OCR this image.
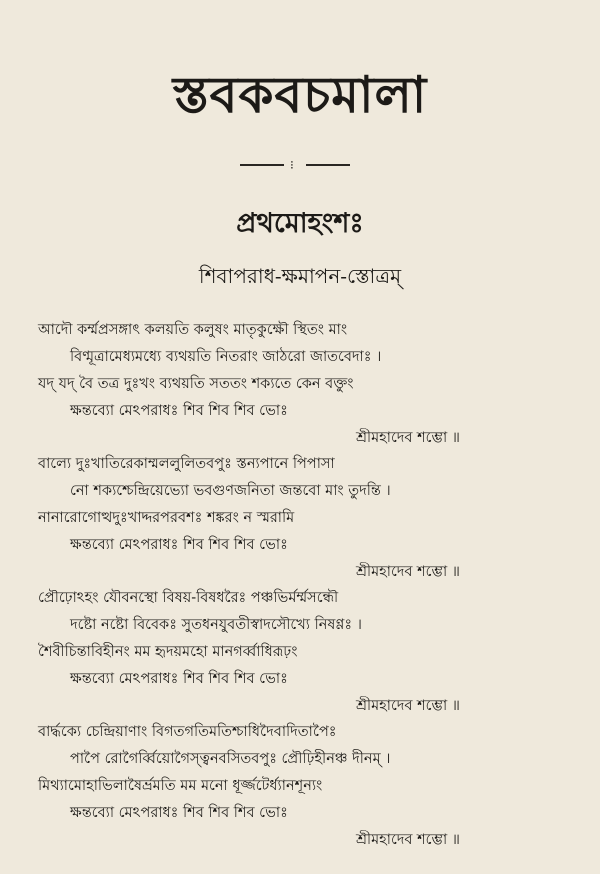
স্তবকবচমালা
⁝
প্রথমোহংশঃ
শিবাপরাধ-ক্ষমাপন-স্তোত্রম্
আদৌ কর্ম্মপ্রসঙ্গাৎ কলয়তি কলুষং মাতৃকুক্ষৌ স্থিতং মাং
বিণ্মূত্রামেধ্যমধ্যে ব্যথয়তি নিতরাং জাঠরো জাতবেদাঃ ।
যদ্ যদ্ বৈ তত্র দুঃখং ব্যথয়তি সততং শক্যতে কেন বক্তুং
ক্ষন্তব্যো মেঽপরাধঃ শিব শিব শিব ভোঃ
শ্রীমহাদেব শম্ভো ॥
বাল্যে দুঃখাতিরেকাম্মললুলিতবপুঃ স্তন্যপানে পিপাসা
নো শক্যশ্চেন্দ্রিয়েভ্যো ভবগুণজনিতা জন্তবো মাং তুদন্তি ।
নানারোগোত্থদুঃখাদ্দরপরবশঃ শঙ্করং ন স্মরামি
ক্ষন্তব্যো মেঽপরাধঃ শিব শিব শিব ভোঃ
শ্রীমহাদেব শম্ভো ॥
প্রৌঢ়োঽহং যৌবনস্থো বিষয়-বিষধরৈঃ পঞ্চভির্মর্ম্মসন্ধৌ
দষ্টো নষ্টো বিবেকঃ সুতধনযুবতীস্বাদসৌখ্যে নিষণ্ণঃ ।
শৈবীচিন্তাবিহীনং মম হৃদয়মহো মানগর্ব্বাধিরূঢ়ং
ক্ষন্তব্যো মেঽপরাধঃ শিব শিব শিব ভোঃ
শ্রীমহাদেব শম্ভো ॥
বার্দ্ধক্যে চেন্দ্রিয়াণাং বিগতগতিমতিশ্চাধিদৈবাদিতাপৈঃ
পাপৈ রোগৈর্ব্বিয়োগৈস্ত্বনবসিতবপুঃ প্রৌঢ়িহীনঞ্চ দীনম্ ।
মিথ্যামোহাভিলাষৈর্ভ্রমতি মম মনো ধূর্জ্জটের্ধ্যানশূন্যং
ক্ষন্তব্যো মেঽপরাধঃ শিব শিব শিব ভোঃ
শ্রীমহাদেব শম্ভো ॥
